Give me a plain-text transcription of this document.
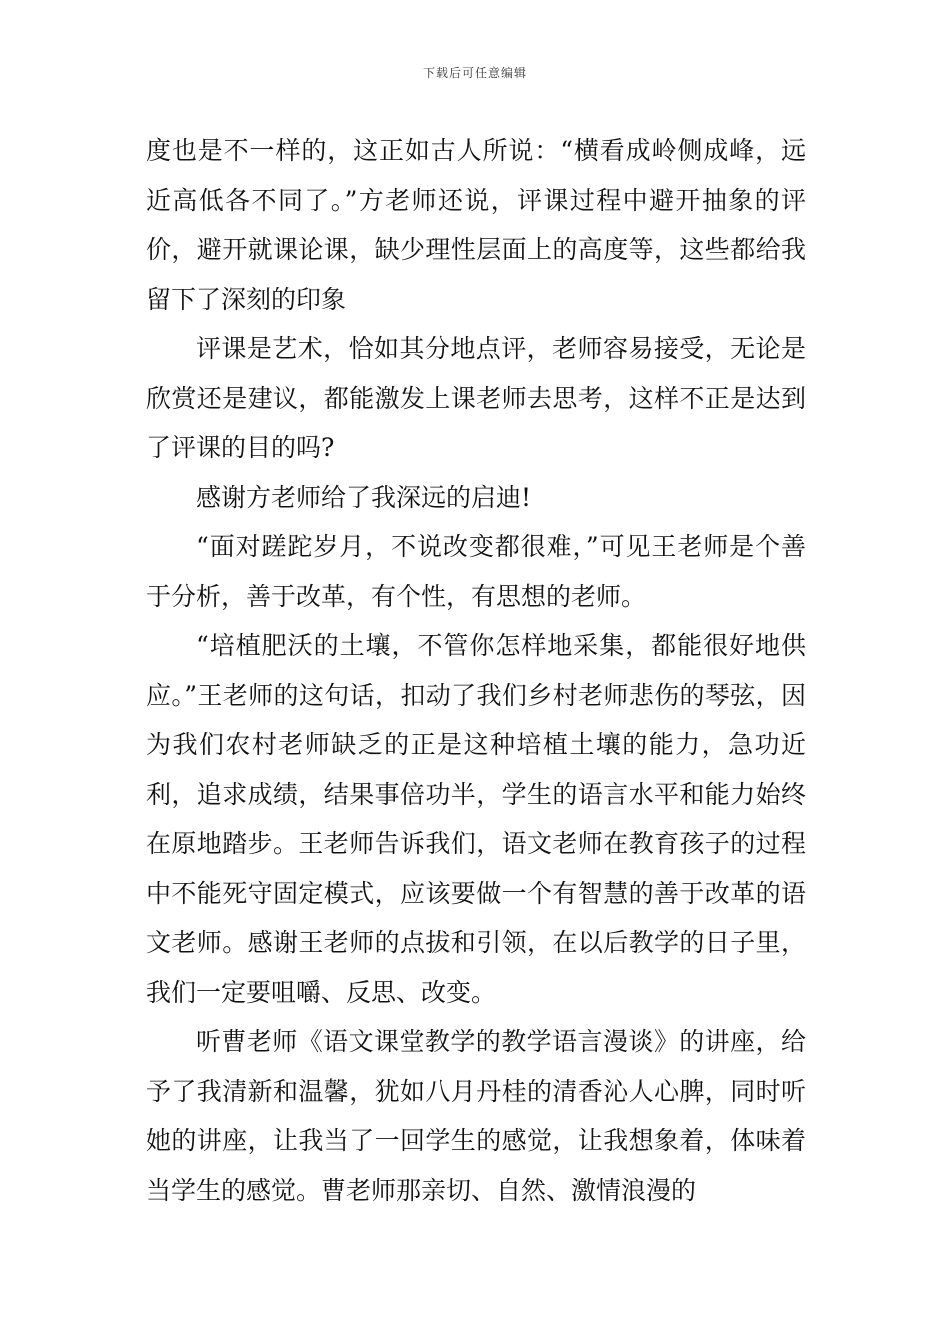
下载后可任意编辑

度也是不一样的，这正如古人所说：“横看成岭侧成峰，远近高低各不同了。”方老师还说，评课过程中避开抽象的评价，避开就课论课，缺少理性层面上的高度等，这些都给我留下了深刻的印象

评课是艺术，恰如其分地点评，老师容易接受，无论是欣赏还是建议，都能激发上课老师去思考，这样不正是达到了评课的目的吗?

感谢方老师给了我深远的启迪!

“面对蹉跎岁月，不说改变都很难，”可见王老师是个善于分析，善于改革，有个性，有思想的老师。

“培植肥沃的土壤，不管你怎样地采集，都能很好地供应。”王老师的这句话，扣动了我们乡村老师悲伤的琴弦，因为我们农村老师缺乏的正是这种培植土壤的能力，急功近利，追求成绩，结果事倍功半，学生的语言水平和能力始终在原地踏步。王老师告诉我们，语文老师在教育孩子的过程中不能死守固定模式，应该要做一个有智慧的善于改革的语文老师。感谢王老师的点拔和引领，在以后教学的日子里，我们一定要咀嚼、反思、改变。

听曹老师《语文课堂教学的教学语言漫谈》的讲座，给予了我清新和温馨，犹如八月丹桂的清香沁人心脾，同时听她的讲座，让我当了一回学生的感觉，让我想象着，体味着当学生的感觉。曹老师那亲切、自然、激情浪漫的
